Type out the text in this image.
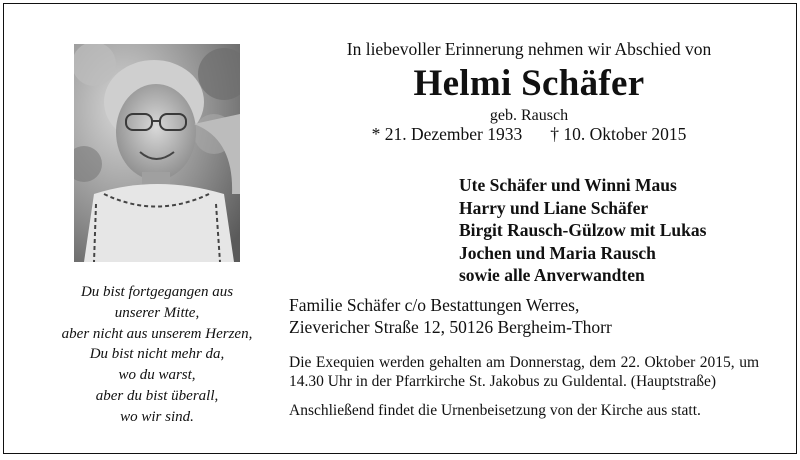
Du bist fortgegangen aus
unserer Mitte,
aber nicht aus unserem Herzen,
Du bist nicht mehr da,
wo du warst,
aber du bist überall,
wo wir sind.
In liebevoller Erinnerung nehmen wir Abschied von
Helmi Schäfer
geb. Rausch
* 21. Dezember 1933 † 10. Oktober 2015
Ute Schäfer und Winni Maus
Harry und Liane Schäfer
Birgit Rausch-Gülzow mit Lukas
Jochen und Maria Rausch
sowie alle Anverwandten
Familie Schäfer c/o Bestattungen Werres,
Zievericher Straße 12, 50126 Bergheim-Thorr

Die Exequien werden gehalten am Donnerstag, dem 22. Oktober 2015, um 14.30 Uhr in der Pfarrkirche St. Jakobus zu Guldental. (Hauptstraße)

Anschließend findet die Urnenbeisetzung von der Kirche aus statt.
